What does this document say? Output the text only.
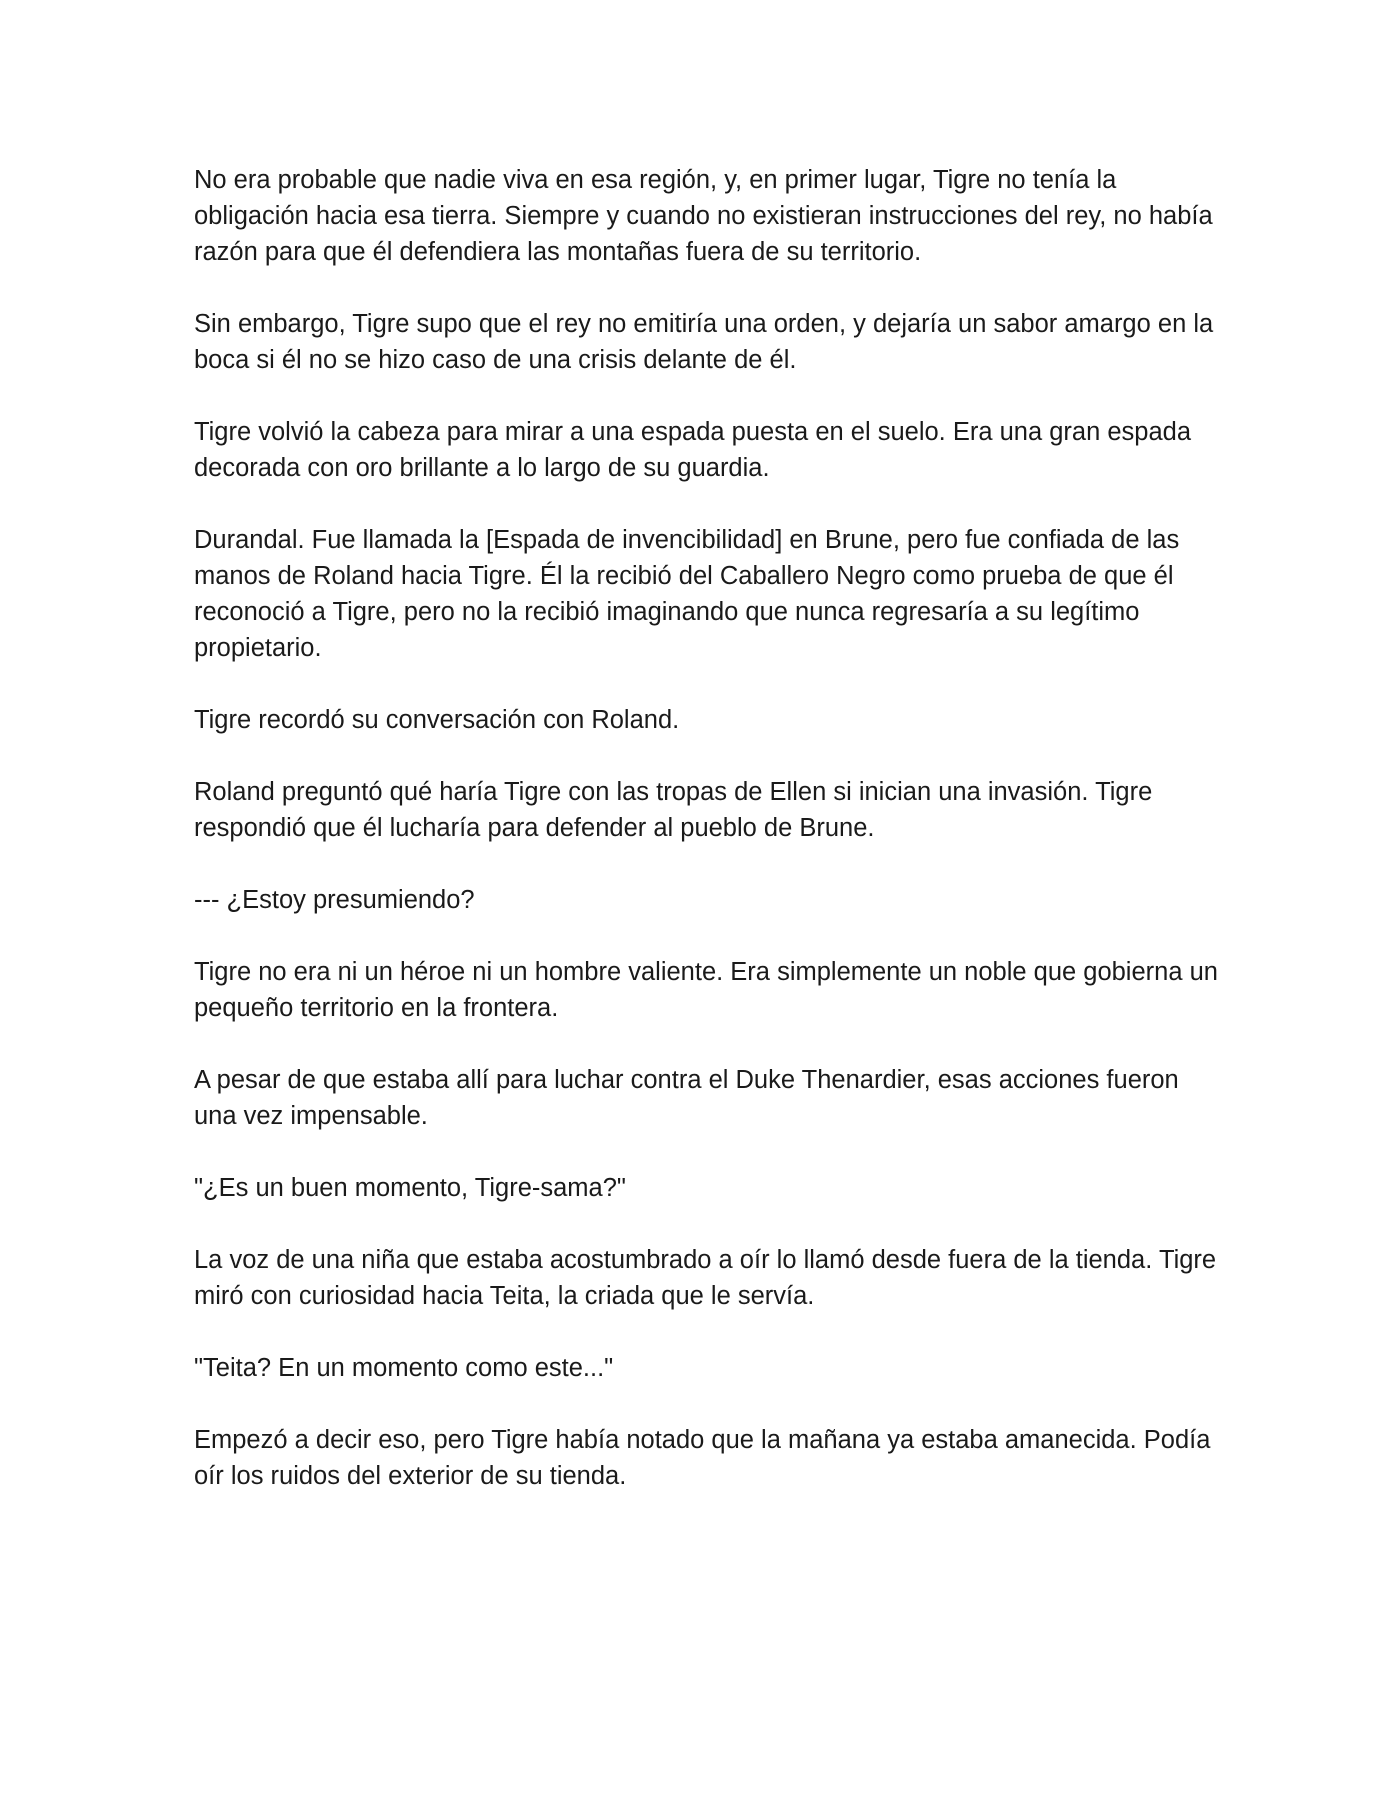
No era probable que nadie viva en esa región, y, en primer lugar, Tigre no tenía la obligación hacia esa tierra. Siempre y cuando no existieran instrucciones del rey, no había razón para que él defendiera las montañas fuera de su territorio.

Sin embargo, Tigre supo que el rey no emitiría una orden, y dejaría un sabor amargo en la boca si él no se hizo caso de una crisis delante de él.

Tigre volvió la cabeza para mirar a una espada puesta en el suelo. Era una gran espada decorada con oro brillante a lo largo de su guardia.

Durandal. Fue llamada la [Espada de invencibilidad] en Brune, pero fue confiada de las manos de Roland hacia Tigre. Él la recibió del Caballero Negro como prueba de que él reconoció a Tigre, pero no la recibió imaginando que nunca regresaría a su legítimo propietario.

Tigre recordó su conversación con Roland.

Roland preguntó qué haría Tigre con las tropas de Ellen si inician una invasión. Tigre respondió que él lucharía para defender al pueblo de Brune.

--- ¿Estoy presumiendo?

Tigre no era ni un héroe ni un hombre valiente. Era simplemente un noble que gobierna un pequeño territorio en la frontera.

A pesar de que estaba allí para luchar contra el Duke Thenardier, esas acciones fueron una vez impensable.

"¿Es un buen momento, Tigre-sama?"

La voz de una niña que estaba acostumbrado a oír lo llamó desde fuera de la tienda. Tigre miró con curiosidad hacia Teita, la criada que le servía.

"Teita? En un momento como este..."

Empezó a decir eso, pero Tigre había notado que la mañana ya estaba amanecida. Podía oír los ruidos del exterior de su tienda.
